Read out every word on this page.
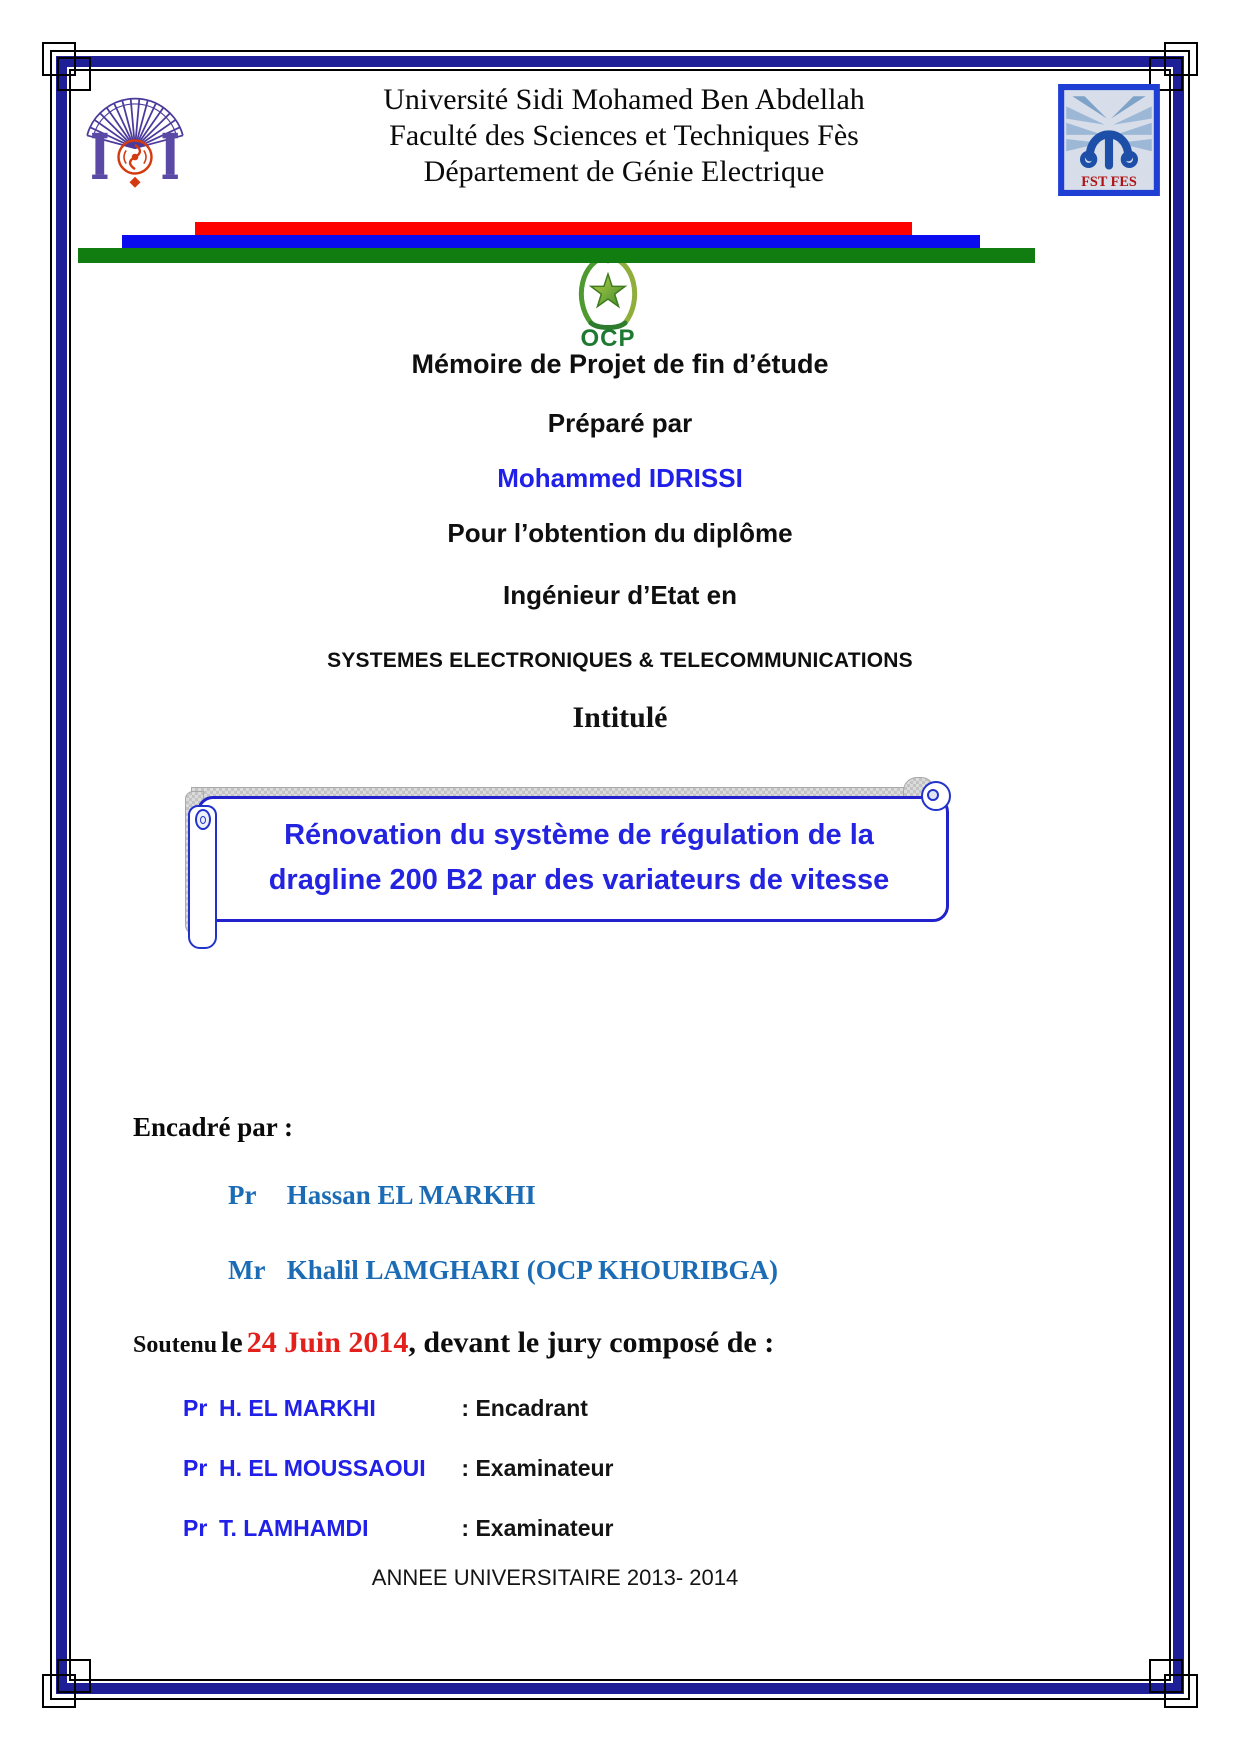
Université Sidi Mohamed Ben Abdellah
Faculté des Sciences et Techniques Fès
Département de Génie Electrique	FST FES
OCP
Mémoire de Projet de fin d’étude
Préparé par
Mohammed IDRISSI
Pour l’obtention du diplôme
Ingénieur d’Etat en
SYSTEMES ELECTRONIQUES & TELECOMMUNICATIONS
Intitulé
Rénovation du système de régulation de la
dragline 200 B2 par des variateurs de vitesse
Encadré par :
Pr Hassan EL MARKHI
Mr Khalil LAMGHARI (OCP KHOURIBGA)
Soutenu le 24 Juin 2014, devant le jury composé de :
Pr H. EL MARKHI	: Encadrant
Pr H. EL MOUSSAOUI : Examinateur
Pr T. LAMHAMDI	: Examinateur
ANNEE UNIVERSITAIRE 2013- 2014
